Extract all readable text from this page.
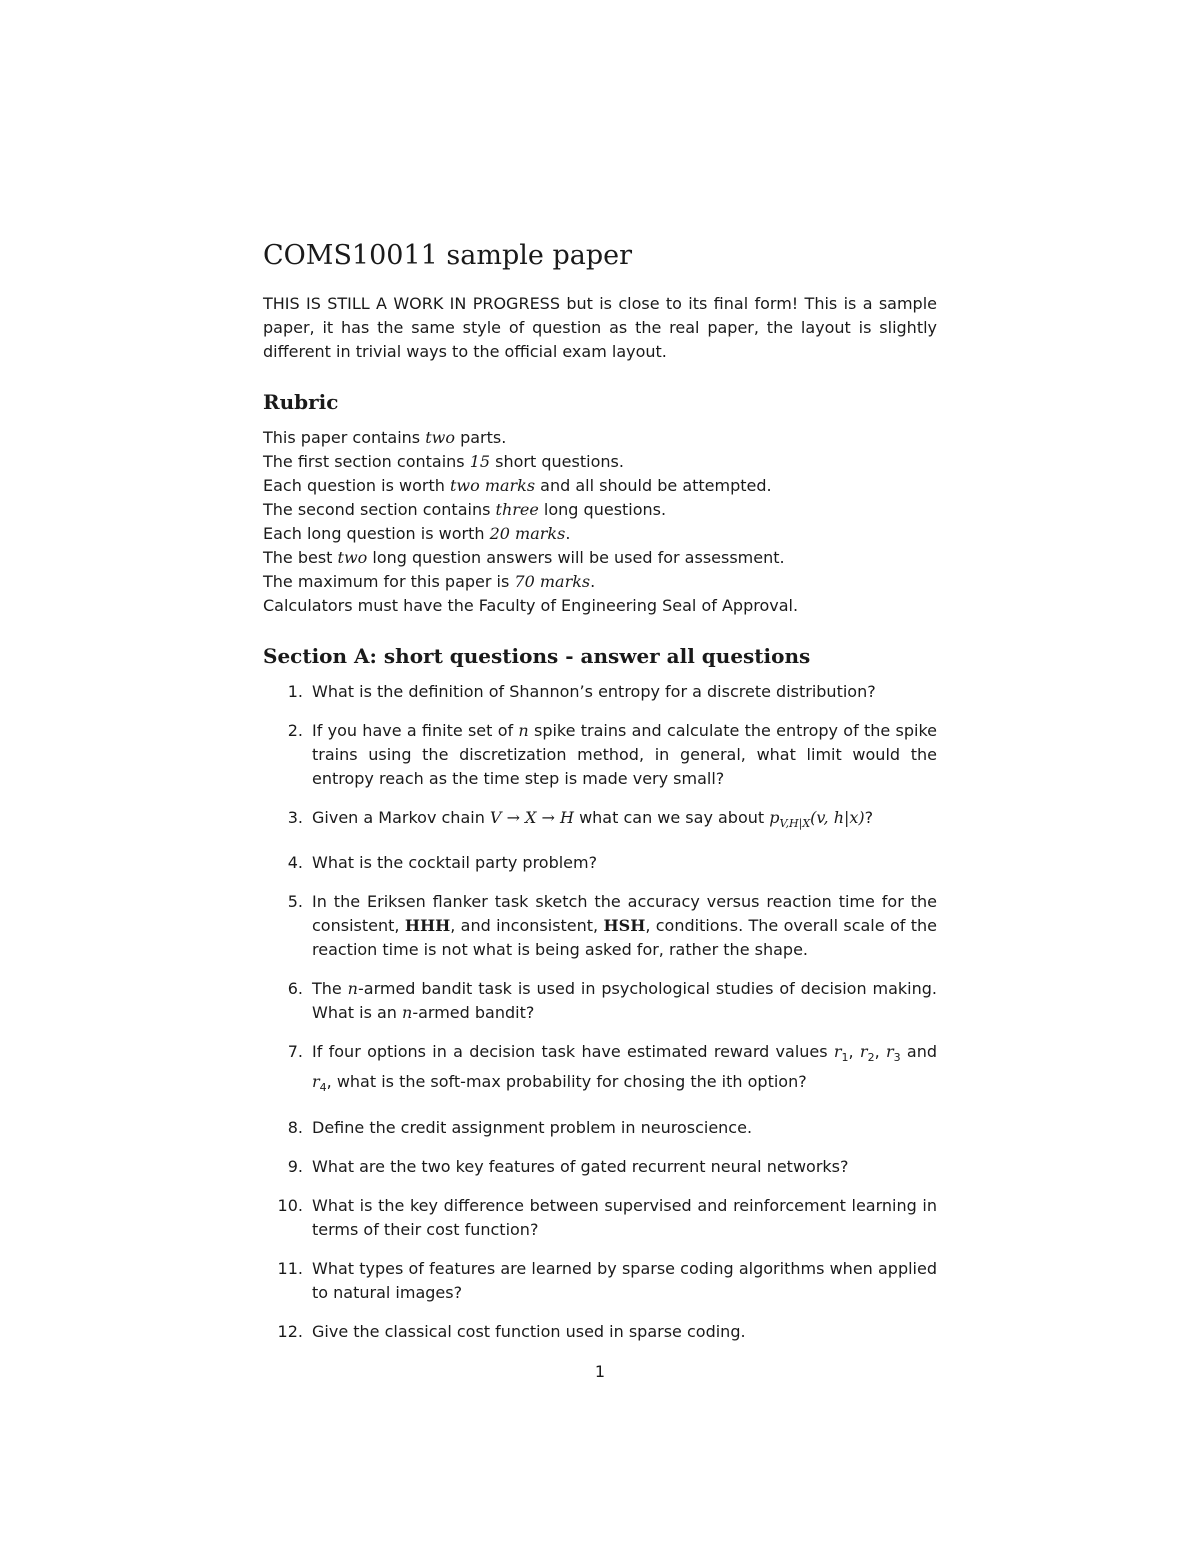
COMS10011 sample paper

THIS IS STILL A WORK IN PROGRESS but is close to its final form! This is a sample paper, it has the same style of question as the real paper, the layout is slightly different in trivial ways to the official exam layout.

Rubric
This paper contains two parts.
The first section contains 15 short questions.
Each question is worth two marks and all should be attempted.
The second section contains three long questions.
Each long question is worth 20 marks.
The best two long question answers will be used for assessment.
The maximum for this paper is 70 marks.
Calculators must have the Faculty of Engineering Seal of Approval.
Section A: short questions - answer all questions
1. What is the definition of Shannon’s entropy for a discrete distribution?
2. If you have a finite set of n spike trains and calculate the entropy of the spike trains using the discretization method, in general, what limit would the entropy reach as the time step is made very small?
3. Given a Markov chain V → X → H what can we say about $p_{V,H|X}(v$, h|x)?
4. What is the cocktail party problem?
5. In the Eriksen flanker task sketch the accuracy versus reaction time for the consistent, HHH, and inconsistent, HSH, conditions. The overall scale of the reaction time is not what is being asked for, rather the shape.
6. The n-armed bandit task is used in psychological studies of decision making. What is an n-armed bandit?
7. If four options in a decision task have estimated reward values $r_1$, $r_2$, $r_3$ and $r_4$, what is the soft-max probability for chosing the ith option?
8. Define the credit assignment problem in neuroscience.
9. What are the two key features of gated recurrent neural networks?
10. What is the key difference between supervised and reinforcement learning in terms of their cost function?
11. What types of features are learned by sparse coding algorithms when applied to natural images?
12. Give the classical cost function used in sparse coding.
1
